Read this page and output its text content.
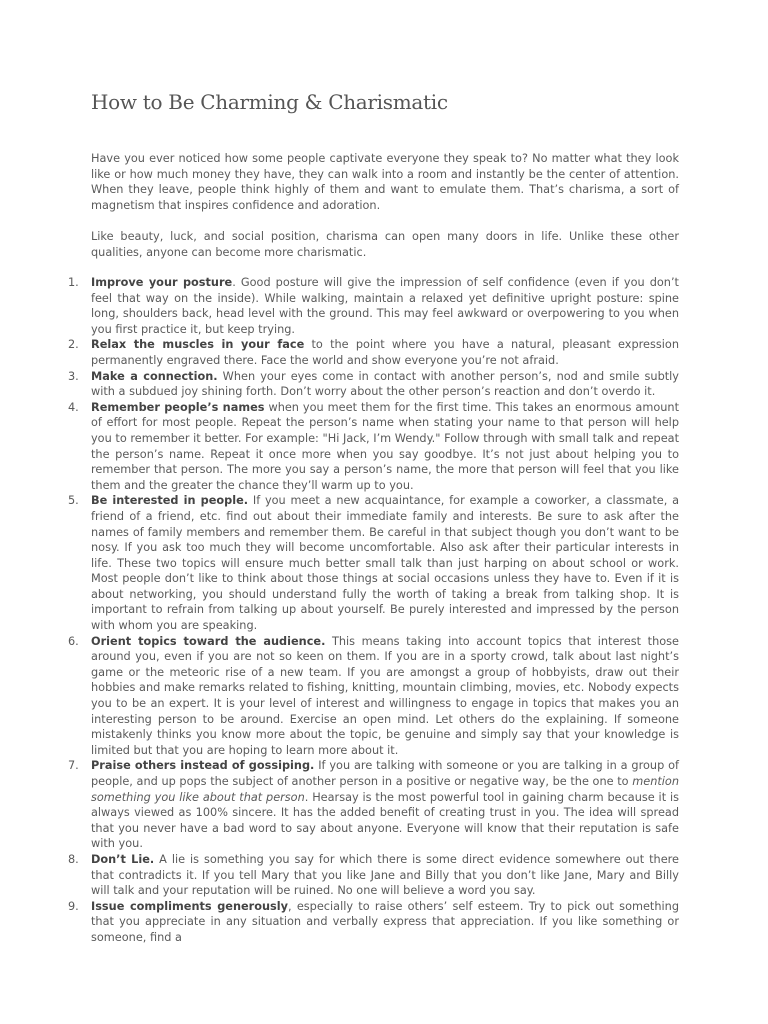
How to Be Charming & Charismatic

Have you ever noticed how some people captivate everyone they speak to? No matter what they look like or how much money they have, they can walk into a room and instantly be the center of attention. When they leave, people think highly of them and want to emulate them. That’s charisma, a sort of magnetism that inspires confidence and adoration.

Like beauty, luck, and social position, charisma can open many doors in life. Unlike these other qualities, anyone can become more charismatic.

1.	Improve your posture. Good posture will give the impression of self confidence (even if you don’t feel that way on the inside). While walking, maintain a relaxed yet definitive upright posture: spine long, shoulders back, head level with the ground. This may feel awkward or overpowering to you when you first practice it, but keep trying.

2.	Relax the muscles in your face to the point where you have a natural, pleasant expression permanently engraved there. Face the world and show everyone you’re not afraid.

3.	Make a connection. When your eyes come in contact with another person’s, nod and smile subtly with a subdued joy shining forth. Don’t worry about the other person’s reaction and don’t overdo it.

4.	Remember people’s names when you meet them for the first time. This takes an enormous amount of effort for most people. Repeat the person’s name when stating your name to that person will help you to remember it better. For example: "Hi Jack, I’m Wendy." Follow through with small talk and repeat the person’s name. Repeat it once more when you say goodbye. It’s not just about helping you to remember that person. The more you say a person’s name, the more that person will feel that you like them and the greater the chance they’ll warm up to you.

5.	Be interested in people. If you meet a new acquaintance, for example a coworker, a classmate, a friend of a friend, etc. find out about their immediate family and interests. Be sure to ask after the names of family members and remember them. Be careful in that subject though you don’t want to be nosy. If you ask too much they will become uncomfortable. Also ask after their particular interests in life. These two topics will ensure much better small talk than just harping on about school or work. Most people don’t like to think about those things at social occasions unless they have to. Even if it is about networking, you should understand fully the worth of taking a break from talking shop. It is important to refrain from talking up about yourself. Be purely interested and impressed by the person with whom you are speaking.

6.	Orient topics toward the audience. This means taking into account topics that interest those around you, even if you are not so keen on them. If you are in a sporty crowd, talk about last night’s game or the meteoric rise of a new team. If you are amongst a group of hobbyists, draw out their hobbies and make remarks related to fishing, knitting, mountain climbing, movies, etc. Nobody expects you to be an expert. It is your level of interest and willingness to engage in topics that makes you an interesting person to be around. Exercise an open mind. Let others do the explaining. If someone mistakenly thinks you know more about the topic, be genuine and simply say that your knowledge is limited but that you are hoping to learn more about it.

7.	Praise others instead of gossiping. If you are talking with someone or you are talking in a group of people, and up pops the subject of another person in a positive or negative way, be the one to mention something you like about that person. Hearsay is the most powerful tool in gaining charm because it is always viewed as 100% sincere. It has the added benefit of creating trust in you. The idea will spread that you never have a bad word to say about anyone. Everyone will know that their reputation is safe with you.

8.	Don’t Lie. A lie is something you say for which there is some direct evidence somewhere out there that contradicts it. If you tell Mary that you like Jane and Billy that you don’t like Jane, Mary and Billy will talk and your reputation will be ruined. No one will believe a word you say.

9.	Issue compliments generously, especially to raise others’ self esteem. Try to pick out something that you appreciate in any situation and verbally express that appreciation. If you like something or someone, find a
